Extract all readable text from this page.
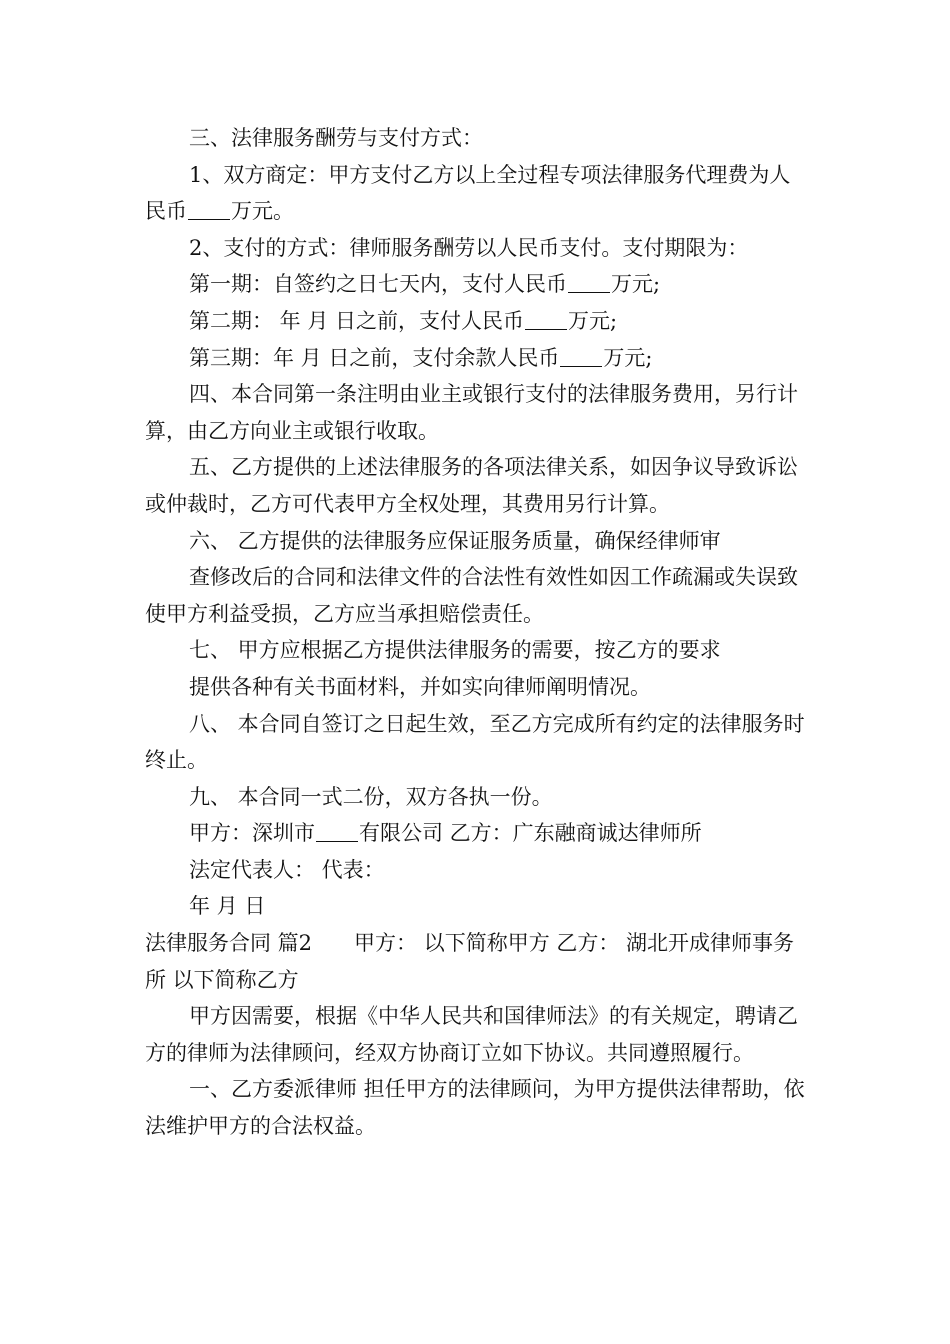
三、法律服务酬劳与支付方式：

1、双方商定：甲方支付乙方以上全过程专项法律服务代理费为人民币 万元。

2、支付的方式：律师服务酬劳以人民币支付。支付期限为：

第一期：自签约之日七天内，支付人民币 万元;

第二期： 年 月 日之前，支付人民币 万元;

第三期：年 月 日之前，支付余款人民币 万元;

四、本合同第一条注明由业主或银行支付的法律服务费用，另行计算，由乙方向业主或银行收取。

五、乙方提供的上述法律服务的各项法律关系，如因争议导致诉讼或仲裁时，乙方可代表甲方全权处理，其费用另行计算。

六、 乙方提供的法律服务应保证服务质量，确保经律师审

查修改后的合同和法律文件的合法性有效性如因工作疏漏或失误致使甲方利益受损，乙方应当承担赔偿责任。

七、 甲方应根据乙方提供法律服务的需要，按乙方的要求

提供各种有关书面材料，并如实向律师阐明情况。

八、 本合同自签订之日起生效，至乙方完成所有约定的法律服务时终止。

九、 本合同一式二份，双方各执一份。

甲方：深圳市 有限公司 乙方：广东融商诚达律师所

法定代表人： 代表：

年 月 日

法律服务合同 篇2　　甲方： 以下简称甲方 乙方： 湖北开成律师事务所 以下简称乙方

甲方因需要，根据《中华人民共和国律师法》的有关规定，聘请乙方的律师为法律顾问，经双方协商订立如下协议。共同遵照履行。

一、乙方委派律师 担任甲方的法律顾问，为甲方提供法律帮助，依法维护甲方的合法权益。
